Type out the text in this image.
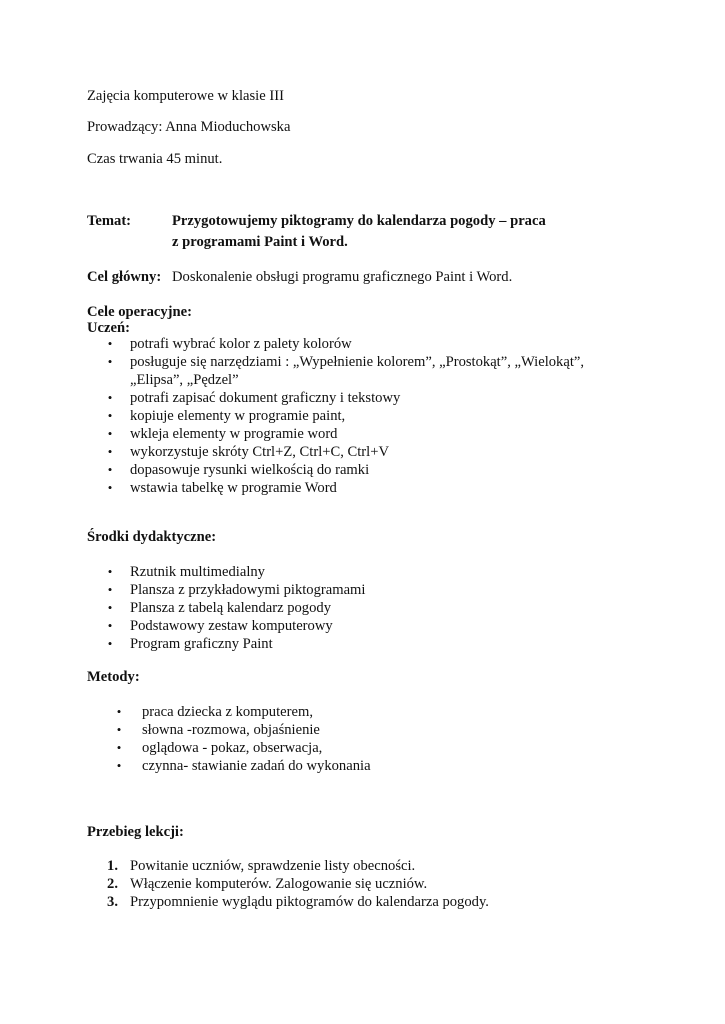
Zajęcia komputerowe w klasie III
Prowadzący: Anna Mioduchowska
Czas trwania 45 minut.
Temat:	Przygotowujemy piktogramy do kalendarza pogody – praca
z programami Paint i Word.
Cel główny: Doskonalenie obsługi programu graficznego Paint i Word.
Cele operacyjne:
Uczeń:
• potrafi wybrać kolor z palety kolorów
• posługuje się narzędziami : „Wypełnienie kolorem”, „Prostokąt”, „Wielokąt”,
„Elipsa”, „Pędzel”
• potrafi zapisać dokument graficzny i tekstowy
• kopiuje elementy w programie paint,
• wkleja elementy w programie word
• wykorzystuje skróty Ctrl+Z, Ctrl+C, Ctrl+V
• dopasowuje rysunki wielkością do ramki
• wstawia tabelkę w programie Word
Środki dydaktyczne:
• Rzutnik multimedialny
• Plansza z przykładowymi piktogramami
• Plansza z tabelą kalendarz pogody
• Podstawowy zestaw komputerowy
• Program graficzny Paint
Metody:
• praca dziecka z komputerem,
• słowna -rozmowa, objaśnienie
• oglądowa - pokaz, obserwacja,
• czynna- stawianie zadań do wykonania
Przebieg lekcji:
1. Powitanie uczniów, sprawdzenie listy obecności.
2. Włączenie komputerów. Zalogowanie się uczniów.
3. Przypomnienie wyglądu piktogramów do kalendarza pogody.
